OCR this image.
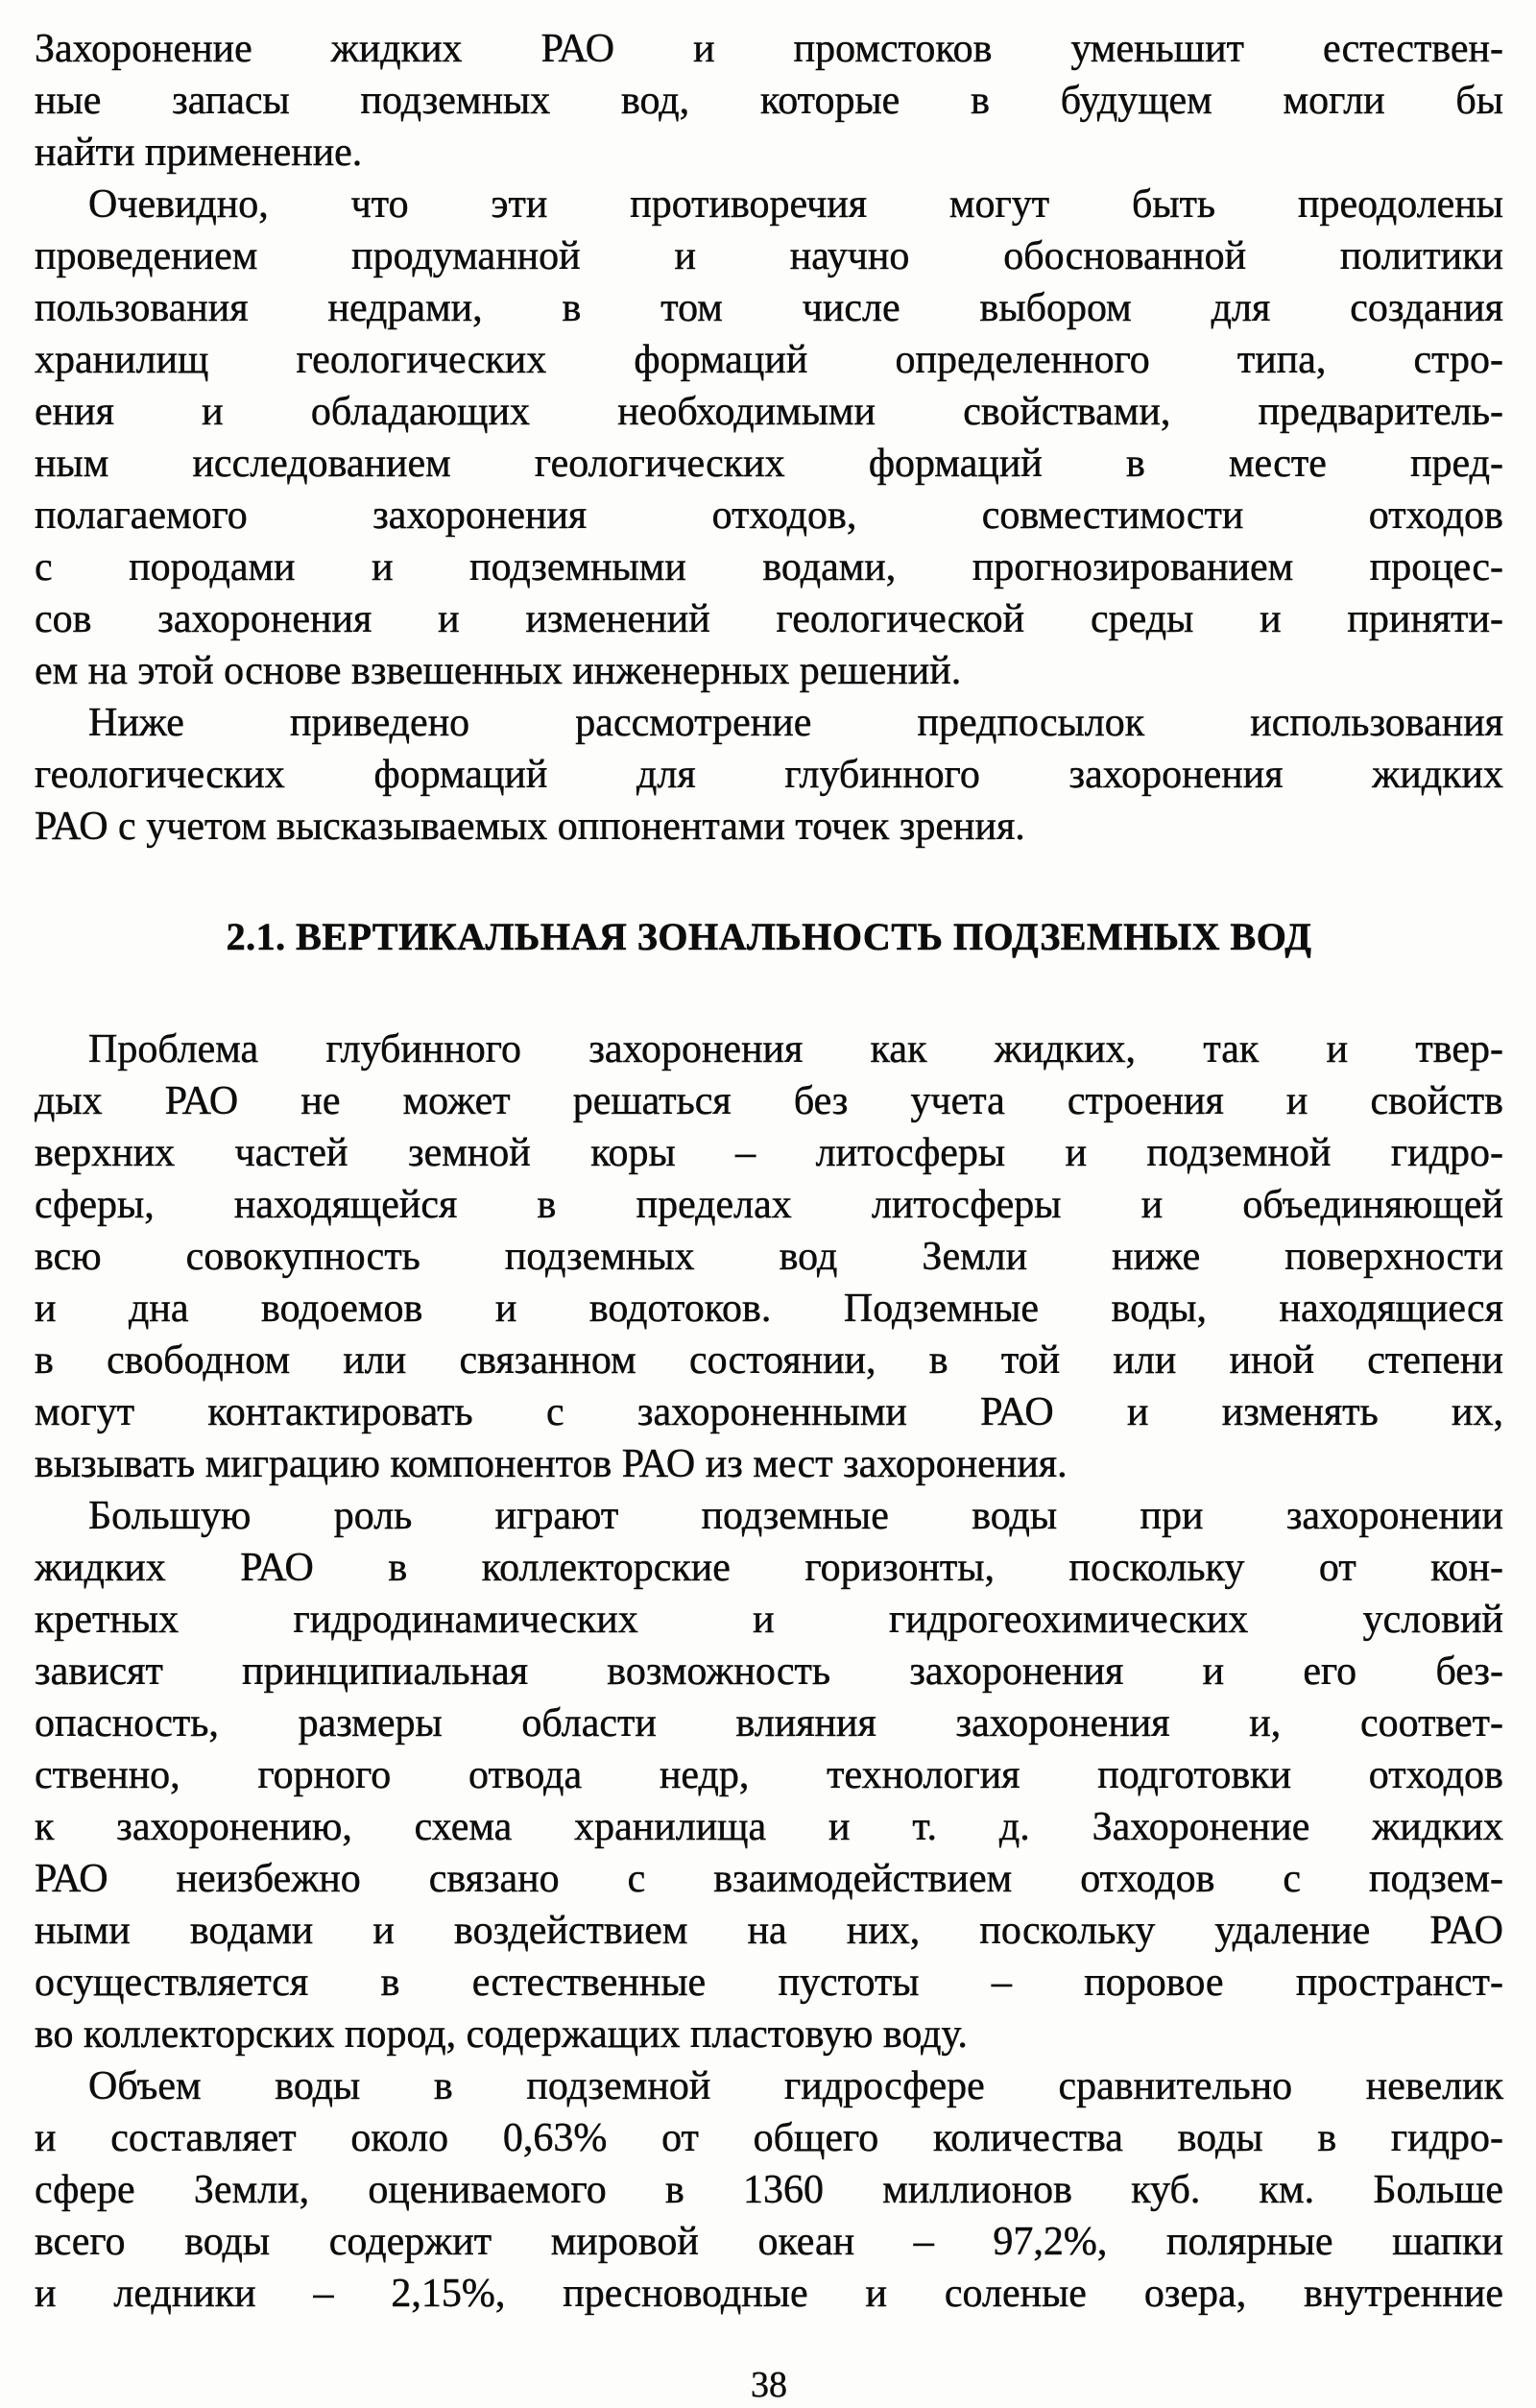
Захоронение жидких РАО и промстоков уменьшит естествен-
ные запасы подземных вод, которые в будущем могли бы
найти применение.
Очевидно, что эти противоречия могут быть преодолены
проведением продуманной и научно обоснованной политики
пользования недрами, в том числе выбором для создания
хранилищ геологических формаций определенного типа, стро-
ения и обладающих необходимыми свойствами, предваритель-
ным исследованием геологических формаций в месте пред-
полагаемого захоронения отходов, совместимости отходов
с породами и подземными водами, прогнозированием процес-
сов захоронения и изменений геологической среды и приняти-
ем на этой основе взвешенных инженерных решений.
Ниже приведено рассмотрение предпосылок использования
геологических формаций для глубинного захоронения жидких
РАО с учетом высказываемых оппонентами точек зрения.
2.1. ВЕРТИКАЛЬНАЯ ЗОНАЛЬНОСТЬ ПОДЗЕМНЫХ ВОД
Проблема глубинного захоронения как жидких, так и твер-
дых РАО не может решаться без учета строения и свойств
верхних частей земной коры – литосферы и подземной гидро-
сферы, находящейся в пределах литосферы и объединяющей
всю совокупность подземных вод Земли ниже поверхности
и дна водоемов и водотоков. Подземные воды, находящиеся
в свободном или связанном состоянии, в той или иной степени
могут контактировать с захороненными РАО и изменять их,
вызывать миграцию компонентов РАО из мест захоронения.
Большую роль играют подземные воды при захоронении
жидких РАО в коллекторские горизонты, поскольку от кон-
кретных гидродинамических и гидрогеохимических условий
зависят принципиальная возможность захоронения и его без-
опасность, размеры области влияния захоронения и, соответ-
ственно, горного отвода недр, технология подготовки отходов
к захоронению, схема хранилища и т. д. Захоронение жидких
РАО неизбежно связано с взаимодействием отходов с подзем-
ными водами и воздействием на них, поскольку удаление РАО
осуществляется в естественные пустоты – поровое пространст-
во коллекторских пород, содержащих пластовую воду.
Объем воды в подземной гидросфере сравнительно невелик
и составляет около 0,63% от общего количества воды в гидро-
сфере Земли, оцениваемого в 1360 миллионов куб. км. Больше
всего воды содержит мировой океан – 97,2%, полярные шапки
и ледники – 2,15%, пресноводные и соленые озера, внутренние
38
